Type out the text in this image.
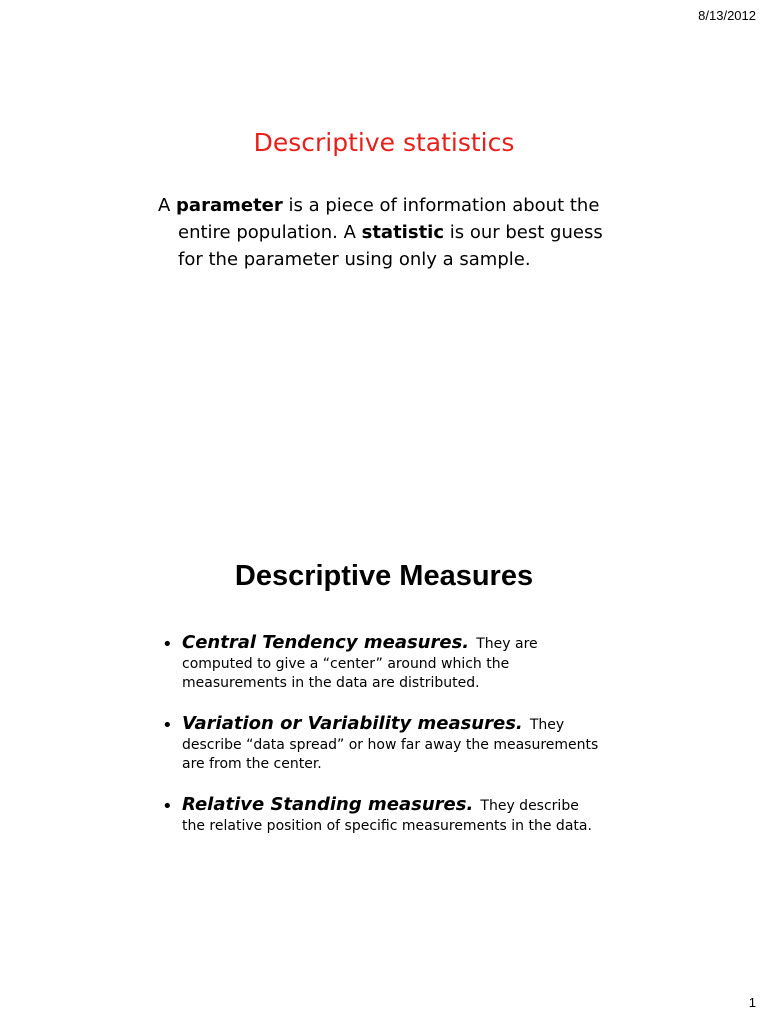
8/13/2012
Descriptive statistics

A parameter is a piece of information about the entire population. A statistic is our best guess for the parameter using only a sample.

Descriptive Measures
• Central Tendency measures. They are
computed to give a “center” around which the measurements in the data are distributed.
• Variation or Variability measures. They
describe “data spread” or how far away the measurements are from the center.
• Relative Standing measures. They describe
the relative position of specific measurements in the data.
1
